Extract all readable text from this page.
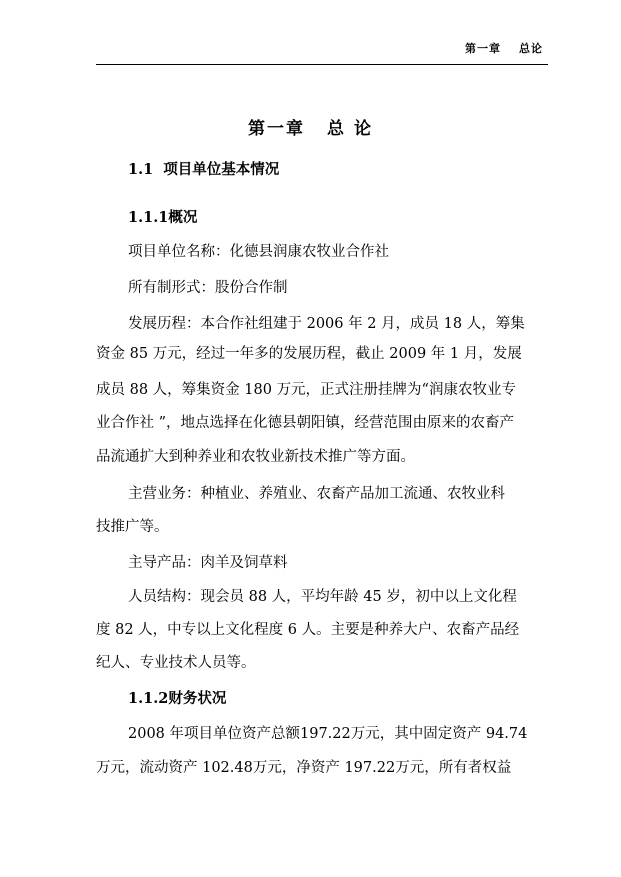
第一章 总论
第一章 总 论
1.1 项目单位基本情况
1.1.1概况
项目单位名称：化德县润康农牧业合作社
所有制形式：股份合作制
发展历程：本合作社组建于 2006 年 2 月，成员 18 人，筹集
资金 85 万元，经过一年多的发展历程，截止 2009 年 1 月，发展
成员 88 人，筹集资金 180 万元，正式注册挂牌为“润康农牧业专
业合作社 ”，地点选择在化德县朝阳镇，经营范围由原来的农畜产
品流通扩大到种养业和农牧业新技术推广等方面。
主营业务：种植业、养殖业、农畜产品加工流通、农牧业科
技推广等。
主导产品：肉羊及饲草料
人员结构：现会员 88 人，平均年龄 45 岁，初中以上文化程
度 82 人，中专以上文化程度 6 人。主要是种养大户、农畜产品经
纪人、专业技术人员等。
1.1.2财务状况
2008 年项目单位资产总额197.22万元，其中固定资产 94.74
万元，流动资产 102.48万元，净资产 197.22万元，所有者权益
